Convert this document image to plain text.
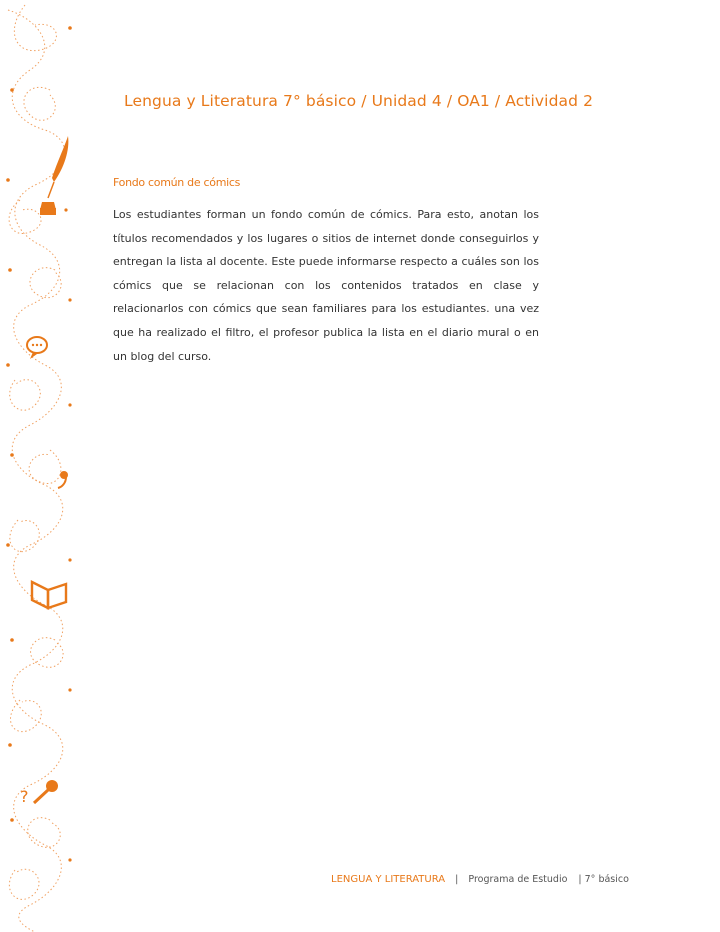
?
Lengua y Literatura 7° básico / Unidad 4 / OA1 / Actividad 2
Fondo común de cómics
Los estudiantes forman un fondo común de cómics. Para esto, anotan los títulos recomendados y los lugares o sitios de internet donde conseguirlos y entregan la lista al docente. Este puede informarse respecto a cuáles son los cómics que se relacionan con los contenidos tratados en clase y relacionarlos con cómics que sean familiares para los estudiantes. una vez que ha realizado el filtro, el profesor publica la lista en el diario mural o en un blog del curso.
LENGUA Y LITERATURA | Programa de Estudio | 7° básico
